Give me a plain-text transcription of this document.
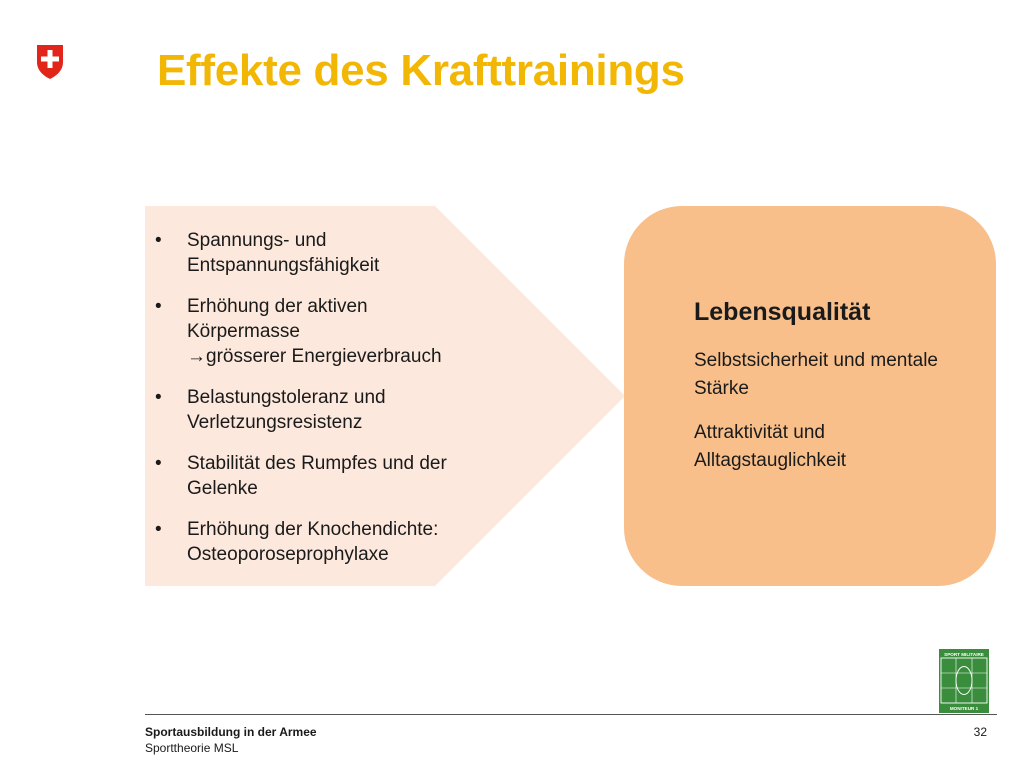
Effekte des Krafttrainings
• Spannungs- und
Entspannungsfähigkeit
• Erhöhung der aktiven
Körpermasse
→grösserer Energieverbrauch
• Belastungstoleranz und
Verletzungsresistenz
• Stabilität des Rumpfes und der
Gelenke
• Erhöhung der Knochendichte:
Osteoporoseprophylaxe
Lebensqualität

Selbstsicherheit und mentale Stärke

Attraktivität und Alltagstauglichkeit

SPORT MILITAIRE
MONITEUR 1
Sportausbildung in der Armee
Sporttheorie MSL
32
